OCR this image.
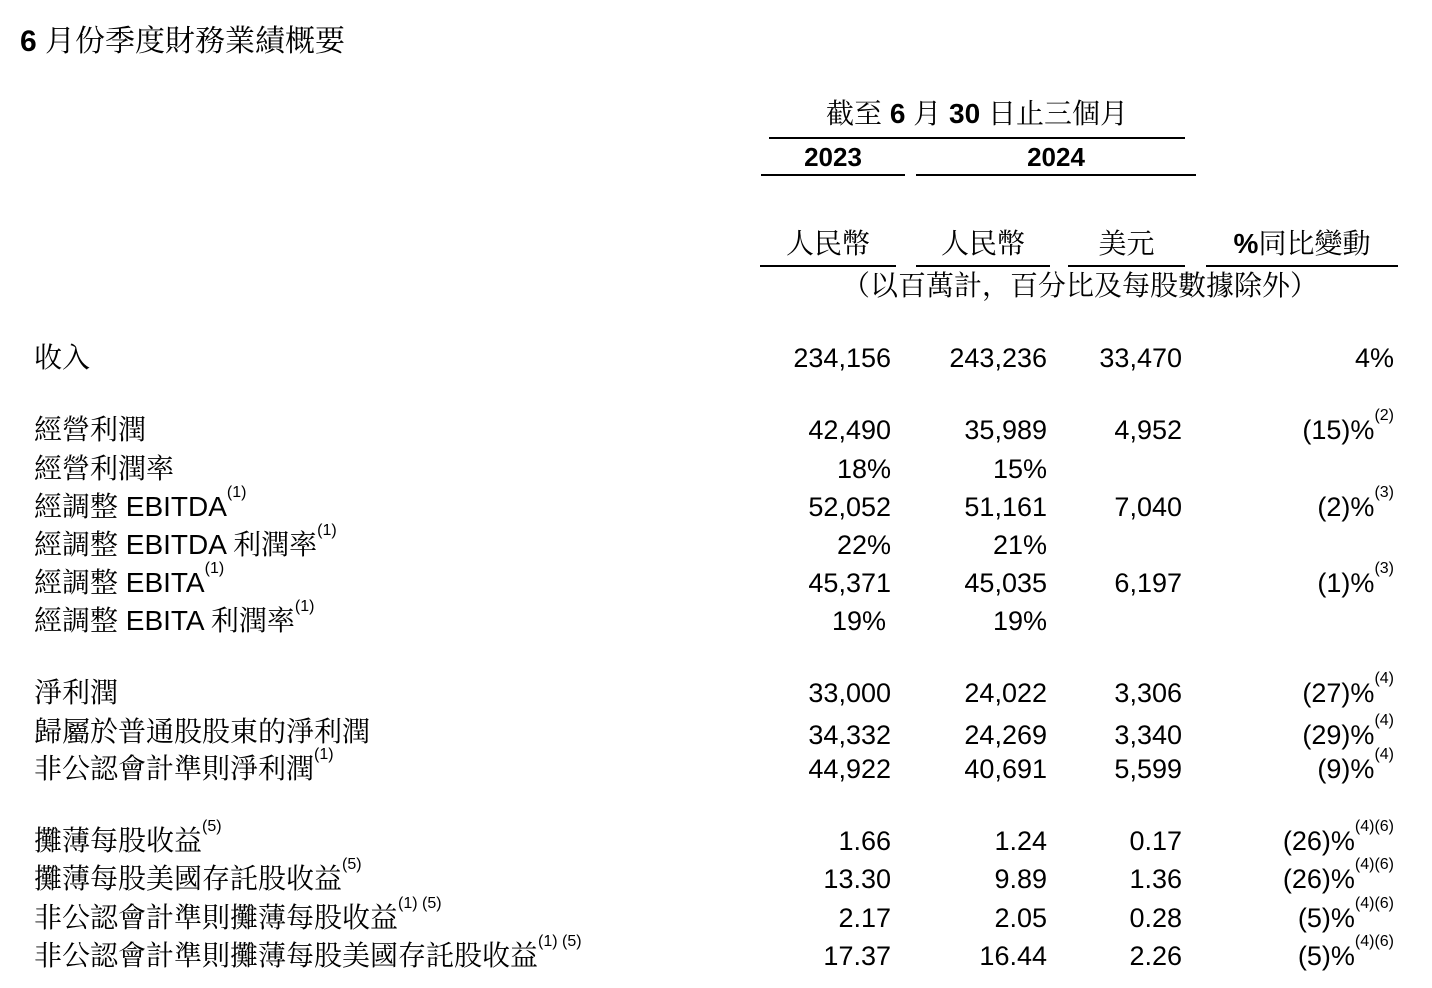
6 月份季度財務業績概要
截至 6 月 30 日止三個月
2023	2024
人民幣	人民幣	美元	%同比變動
（以百萬計，百分比及每股數據除外）
收入	234,156	243,236	33,470	4%
經營利潤	42,490	35,989	4,952	(15)%$^{(2)}$
經營利潤率	18%	15%
經調整 EBITDA$^{(1)}$	52,052	51,161	7,040	(2)%$^{(3)}$
經調整 EBITDA 利潤率$^{(1)}$	22%	21%
經調整 EBITA$^{(1)}$	45,371	45,035	6,197	(1)%$^{(3)}$
經調整 EBITA 利潤率$^{(1)}$	19%	19%
淨利潤	33,000	24,022	3,306	(27)%$^{(4)}$
歸屬於普通股股東的淨利潤	34,332	24,269	3,340	(29)%$^{(4)}$
非公認會計準則淨利潤$^{(1)}$	44,922	40,691	5,599	(9)%$^{(4)}$
攤薄每股收益$^{(5)}$	1.66	1.24	0.17	(26)%$^{(4)(6)}$
攤薄每股美國存託股收益$^{(5)}$	13.30	9.89	1.36	(26)%$^{(4)(6)}$
非公認會計準則攤薄每股收益$^{(1) (5)}$	2.17	2.05	0.28	(5)%$^{(4)(6)}$
非公認會計準則攤薄每股美國存託股收益$^{(1) (5)}$	17.37	16.44	2.26	(5)%$^{(4)(6)}$
